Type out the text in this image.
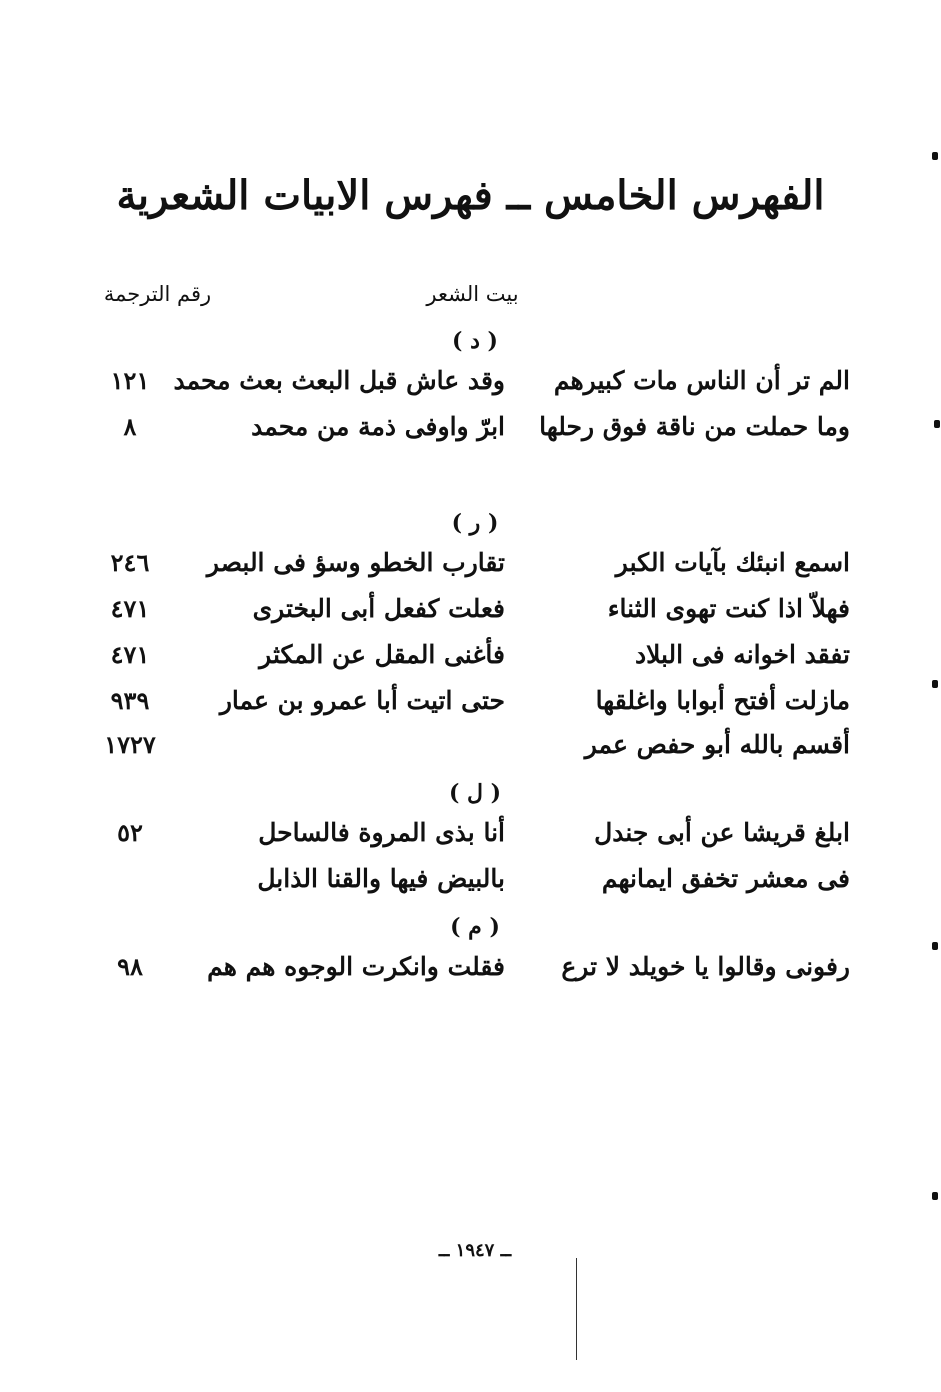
الفهرس الخامس ــ فهرس الابيات الشعرية
بيت الشعر
رقم الترجمة
( د )
الم تر أن الناس مات كبيرهم
وقد عاش قبل البعث بعث محمد
١٢١
وما حملت من ناقة فوق رحلها
ابرّ واوفى ذمة من محمد
٨
( ر )
اسمع انبئك بآيات الكبر
تقارب الخطو وسؤ فى البصر
٢٤٦
فهلاّ اذا كنت تهوى الثناء
فعلت كفعل أبى البخترى
٤٧١
تفقد اخوانه فى البلاد
فأغنى المقل عن المكثر
٤٧١
مازلت أفتح أبوابا واغلقها
حتى اتيت أبا عمرو بن عمار
٩٣٩
أقسم بالله أبو حفص عمر
١٧٢٧
( ل )
ابلغ قريشا عن أبى جندل
أنا بذى المروة فالساحل
٥٢
فى معشر تخفق ايمانهم
بالبيض فيها والقنا الذابل
( م )
رفونى وقالوا يا خويلد لا ترع
فقلت وانكرت الوجوه هم هم
٩٨
ــ ١٩٤٧ ــ
